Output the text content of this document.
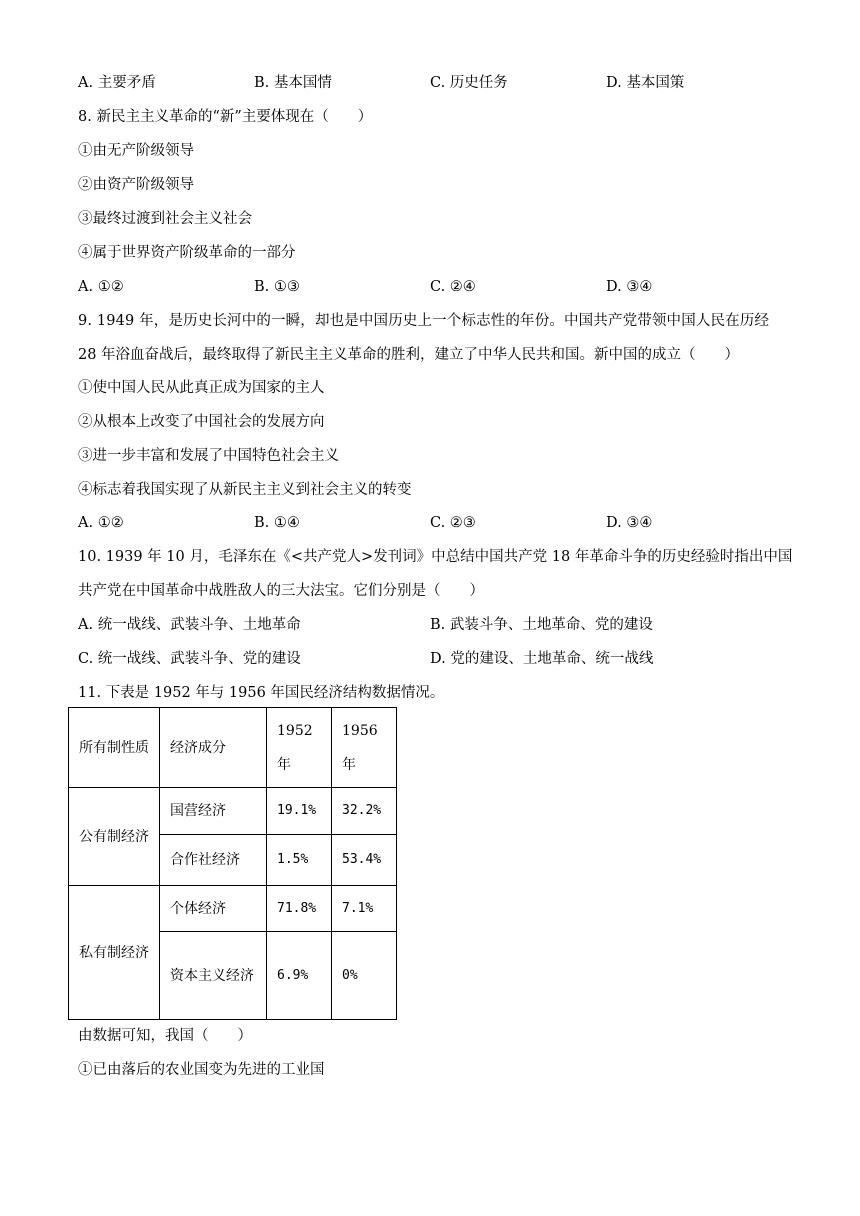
A. 主要矛盾	B. 基本国情	C. 历史任务	D. 基本国策
8. 新民主主义革命的“新”主要体现在（　　）
①由无产阶级领导
②由资产阶级领导
③最终过渡到社会主义社会
④属于世界资产阶级革命的一部分
A. ①②	B. ①③	C. ②④	D. ③④
9. 1949 年，是历史长河中的一瞬，却也是中国历史上一个标志性的年份。中国共产党带领中国人民在历经
28 年浴血奋战后，最终取得了新民主主义革命的胜利，建立了中华人民共和国。新中国的成立（　　）
①使中国人民从此真正成为国家的主人
②从根本上改变了中国社会的发展方向
③进一步丰富和发展了中国特色社会主义
④标志着我国实现了从新民主主义到社会主义的转变
A. ①②	B. ①④	C. ②③	D. ③④
10. 1939 年 10 月，毛泽东在《<共产党人>发刊词》中总结中国共产党 18 年革命斗争的历史经验时指出中国
共产党在中国革命中战胜敌人的三大法宝。它们分别是（　　）
A. 统一战线、武装斗争、土地革命	B. 武装斗争、土地革命、党的建设
C. 统一战线、武装斗争、党的建设	D. 党的建设、土地革命、统一战线
11. 下表是 1952 年与 1956 年国民经济结构数据情况。
所有制性质	经济成分	1952年	1956年
公有制经济	国营经济	19.1%	32.2%
	合作社经济	1.5%	53.4%
私有制经济	个体经济	71.8%	7.1%
	资本主义经济	6.9%	0%
由数据可知，我国（　　）
①已由落后的农业国变为先进的工业国
